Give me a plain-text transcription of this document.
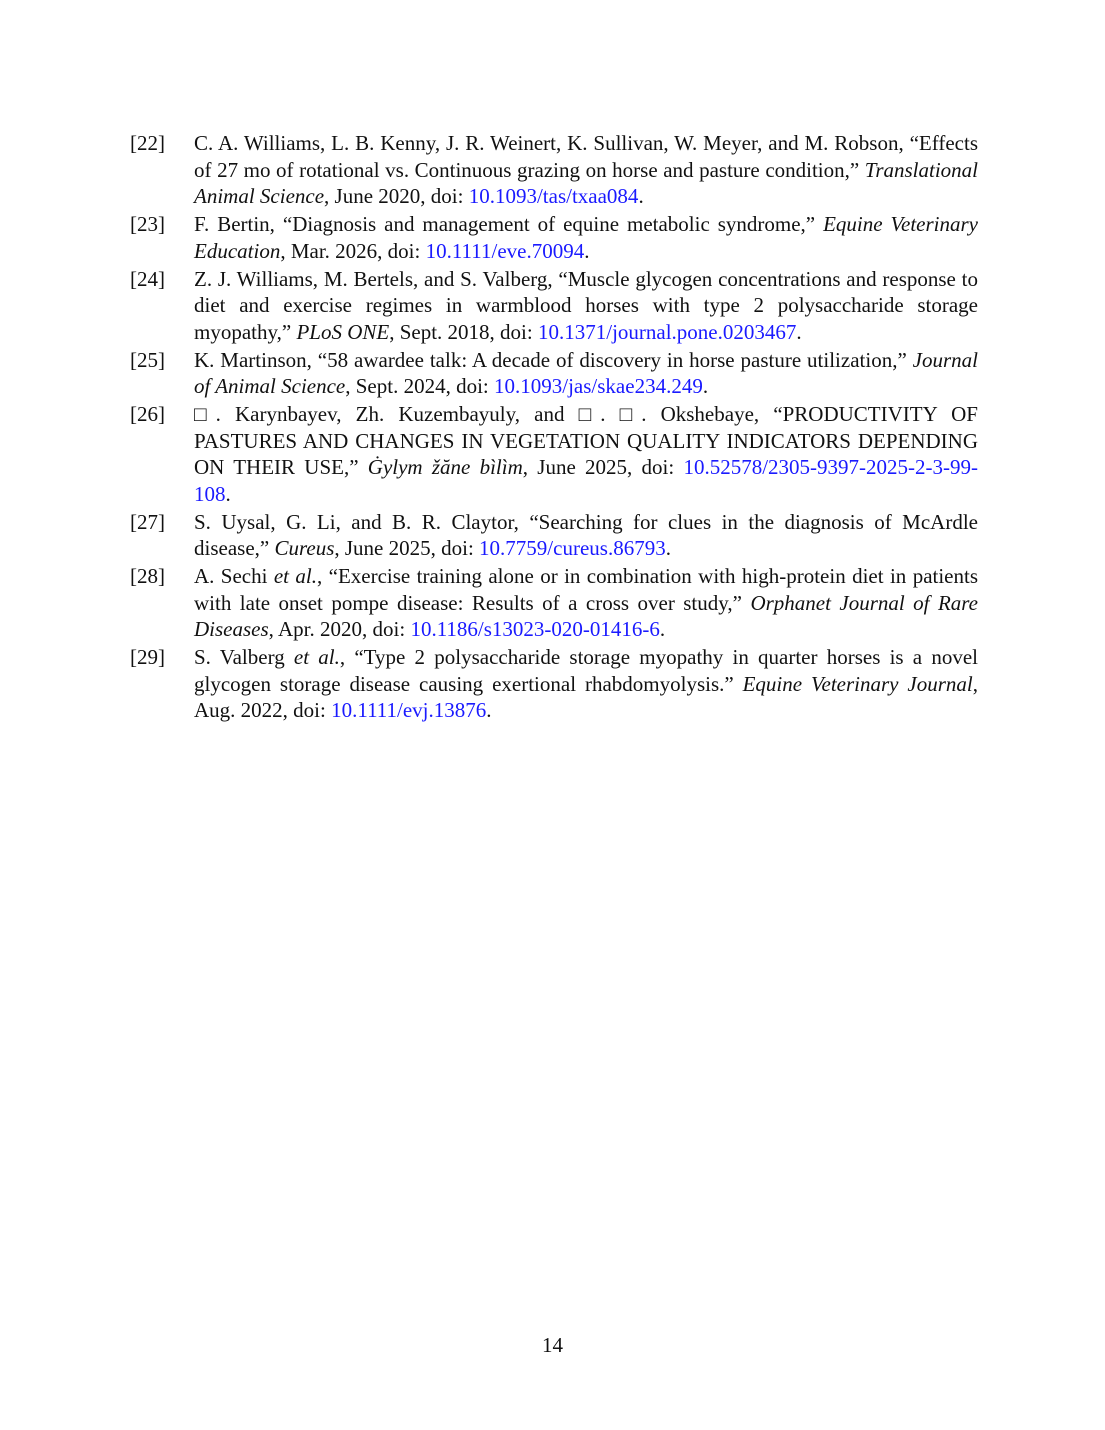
[ 22 ]	C. A. Williams, L. B. Kenny, J. R. Weinert, K. Sullivan, W. Meyer, and M. Robson, “Effects of 27 mo of rotational vs. Continuous grazing on horse and pasture condition,” Translational Animal Science, June 2020, doi: 10.1093/tas/txaa084.
[ 23 ]	F. Bertin, “Diagnosis and management of equine metabolic syndrome,” Equine Veterinary Education, Mar. 2026, doi: 10.1111/eve.70094.
[ 24 ]	Z. J. Williams, M. Bertels, and S. Valberg, “Muscle glycogen concentrations and response to diet and exercise regimes in warmblood horses with type 2 polysaccharide storage myopathy,” PLoS ONE, Sept. 2018, doi: 10.1371/journal.pone.0203467.
[ 25 ]	K. Martinson, “58 awardee talk: A decade of discovery in horse pasture utilization,” Journal of Animal Science, Sept. 2024, doi: 10.1093/jas/skae234.249.
[ 26 ]	□. Karynbayev, Zh. Kuzembayuly, and □. □. Okshebaye, “PRODUCTIVITY OF PASTURES AND CHANGES IN VEGETATION QUALITY INDICATORS DEPENDING ON THEIR USE,” Ġylym žăne bìlìm, June 2025, doi: 10.52578/2305-9397-2025-2-3-99-108.
[ 27 ]	S. Uysal, G. Li, and B. R. Claytor, “Searching for clues in the diagnosis of McArdle disease,” Cureus, June 2025, doi: 10.7759/cureus.86793.
[ 28 ]	A. Sechi et al., “Exercise training alone or in combination with high-protein diet in patients with late onset pompe disease: Results of a cross over study,” Orphanet Journal of Rare Diseases, Apr. 2020, doi: 10.1186/s13023-020-01416-6.
[ 29 ]	S. Valberg et al., “Type 2 polysaccharide storage myopathy in quarter horses is a novel glycogen storage disease causing exertional rhabdomyolysis.” Equine Veterinary Journal, Aug. 2022, doi: 10.1111/evj.13876.
14
